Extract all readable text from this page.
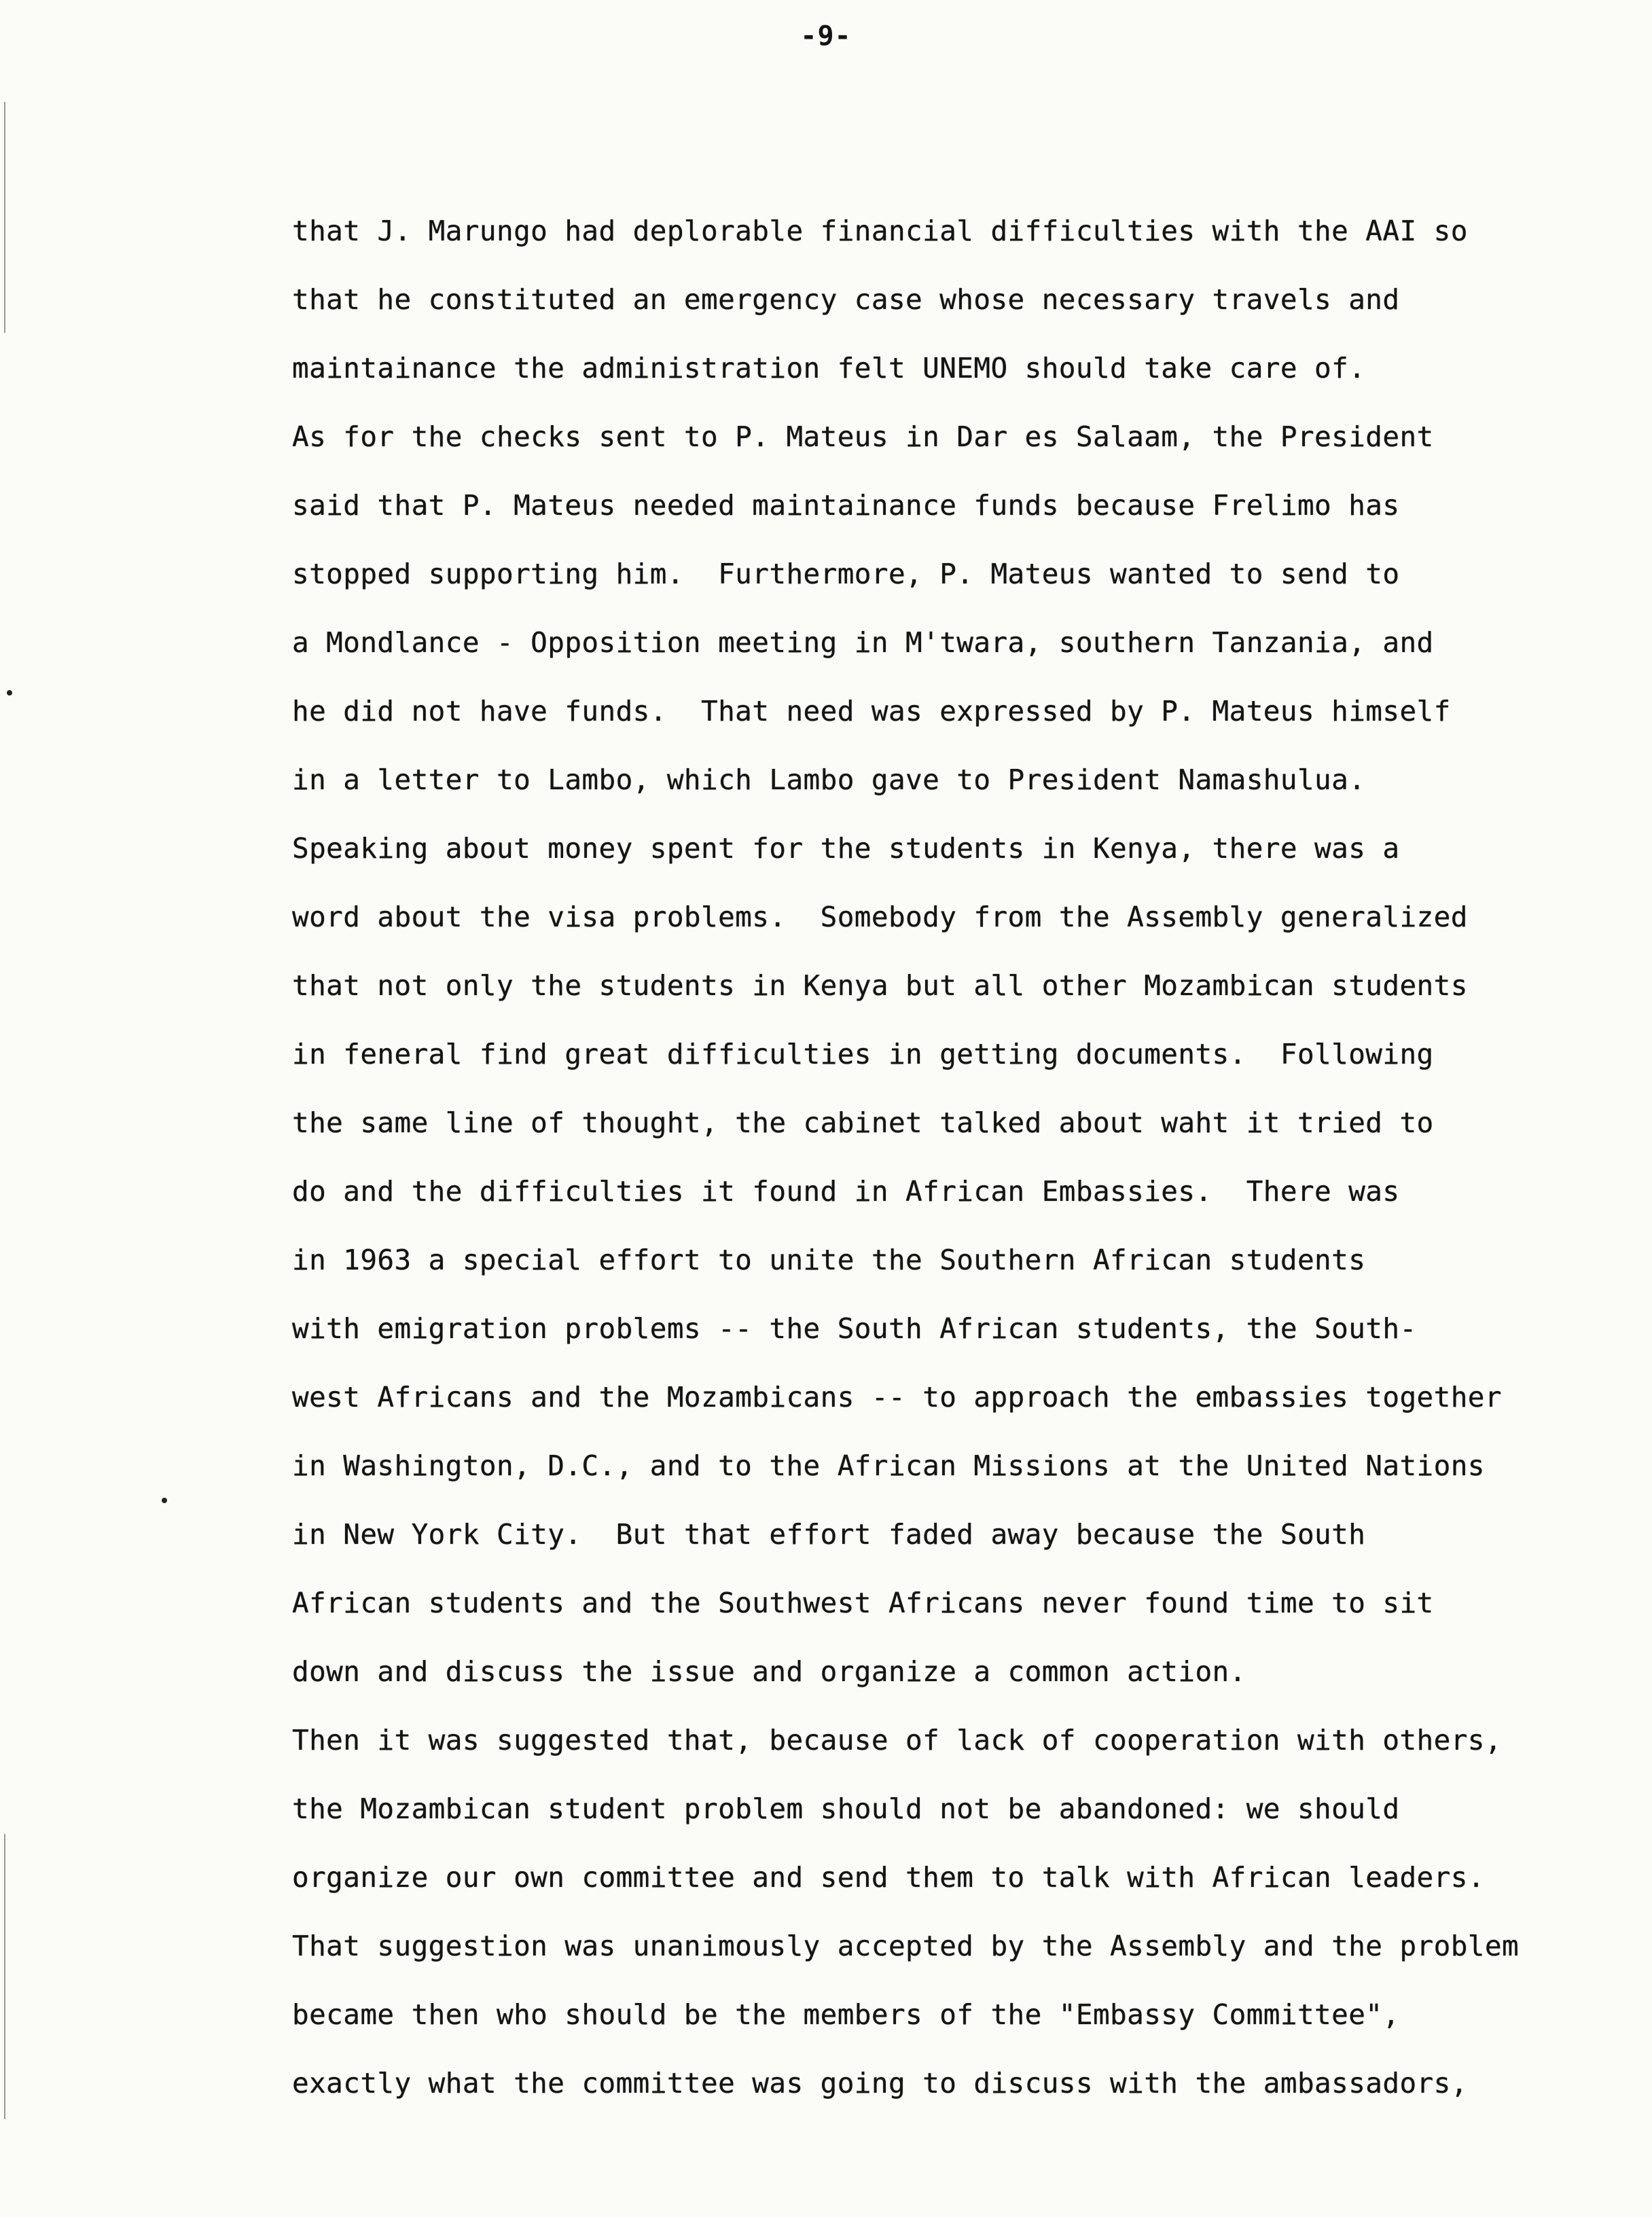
-9-
that J. Marungo had deplorable financial difficulties with the AAI so
that he constituted an emergency case whose necessary travels and
maintainance the administration felt UNEMO should take care of.
As for the checks sent to P. Mateus in Dar es Salaam, the President
said that P. Mateus needed maintainance funds because Frelimo has
stopped supporting him.  Furthermore, P. Mateus wanted to send to
a Mondlance - Opposition meeting in M'twara, southern Tanzania, and
he did not have funds.  That need was expressed by P. Mateus himself
in a letter to Lambo, which Lambo gave to President Namashulua.
Speaking about money spent for the students in Kenya, there was a
word about the visa problems.  Somebody from the Assembly generalized
that not only the students in Kenya but all other Mozambican students
in feneral find great difficulties in getting documents.  Following
the same line of thought, the cabinet talked about waht it tried to
do and the difficulties it found in African Embassies.  There was
in 1963 a special effort to unite the Southern African students
with emigration problems -- the South African students, the South-
west Africans and the Mozambicans -- to approach the embassies together
in Washington, D.C., and to the African Missions at the United Nations
in New York City.  But that effort faded away because the South
African students and the Southwest Africans never found time to sit
down and discuss the issue and organize a common action.
Then it was suggested that, because of lack of cooperation with others,
the Mozambican student problem should not be abandoned: we should
organize our own committee and send them to talk with African leaders.
That suggestion was unanimously accepted by the Assembly and the problem
became then who should be the members of the "Embassy Committee",
exactly what the committee was going to discuss with the ambassadors,
